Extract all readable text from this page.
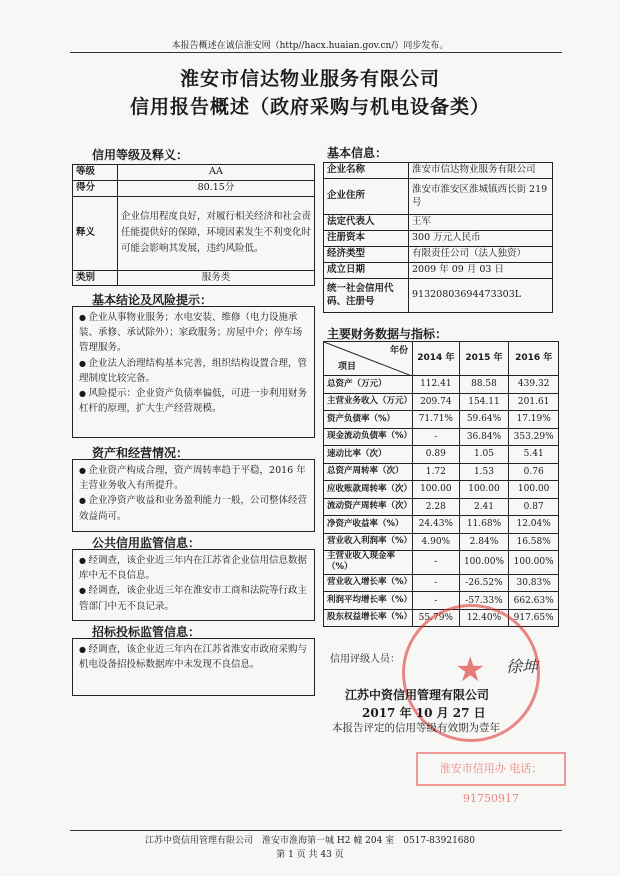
本报告概述在诚信淮安网（http//hacx.huaian.gov.cn/）同步发布。
淮安市信达物业服务有限公司
信用报告概述（政府采购与机电设备类）
信用等级及释义：
等级	AA
得分	80.15分
释义	企业信用程度良好，对履行相关经济和社会责任能提供好的保障，环境因素发生不利变化时可能会影响其发展，违约风险低。
类别	服务类
基本信息：
企业名称	淮安市信达物业服务有限公司
企业住所	淮安市淮安区淮城镇西长街 219号
法定代表人	王军
注册资本	300 万元人民币
经济类型	有限责任公司（法人独资）
成立日期	2009 年 09 月 03 日
统一社会信用代码、注册号	91320803694473303L
基本结论及风险提示：
● 企业从事物业服务；水电安装、维修（电力设施承装、承修、承试除外）；家政服务；房屋中介；停车场管理服务。
● 企业法人治理结构基本完善，组织结构设置合理，管理制度比较完备。
● 风险提示：企业资产负债率偏低，可进一步利用财务杠杆的原理，扩大生产经营规模。
资产和经营情况：
● 企业资产构成合理，资产周转率趋于平稳，2016 年主营业务收入有所提升。
● 企业净资产收益和业务盈利能力一般，公司整体经营效益尚可。
公共信用监管信息：
● 经调查，该企业近三年内在江苏省企业信用信息数据库中无不良信息。
● 经调查，该企业近三年在淮安市工商和法院等行政主管部门中无不良记录。
招标投标监管信息：
● 经调查，该企业近三年内在江苏省淮安市政府采购与机电设备招投标数据库中未发现不良信息。
主要财务数据与指标：
年份
项目	2014 年	2015 年	2016 年
总资产（万元）	112.41	88.58	439.32
主营业务收入（万元）	209.74	154.11	201.61
资产负债率（%）	71.71%	59.64%	17.19%
现金流动负债率（%）	-	36.84%	353.29%
速动比率（次）	0.89	1.05	5.41
总资产周转率（次）	1.72	1.53	0.76
应收账款周转率（次）	100.00	100.00	100.00
流动资产周转率（次）	2.28	2.41	0.87
净资产收益率（%）	24.43%	11.68%	12.04%
营业收入利润率（%）	4.90%	2.84%	16.58%
主营业收入现金率（%）	-	100.00%	100.00%
营业收入增长率（%）	-	-26.52%	30.83%
利润平均增长率（%）	-	-57.33%	662.63%
股东权益增长率（%）	55.79%	12.40%	917.65%
信用评级人员：	徐坤
★
江苏中资信用管理有限公司
2017 年 10 月 27 日
本报告评定的信用等级有效期为壹年
淮安市信用办 电话：91750917
江苏中资信用管理有限公司　淮安市淮海第一城 H2 幢 204 室　0517-83921680
第 1 页 共 43 页
